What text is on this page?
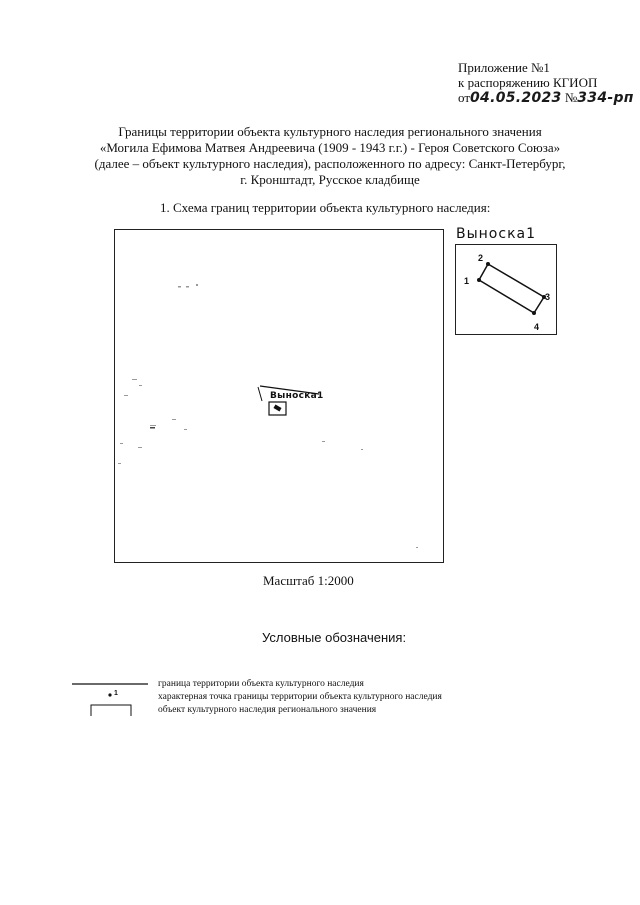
Приложение №1
к распоряжению КГИОП
от04.05.2023 №334-рп
Границы территории объекта культурного наследия регионального значения
«Могила Ефимова Матвея Андреевича (1909 - 1943 г.г.) - Героя Советского Союза»
(далее – объект культурного наследия), расположенного по адресу: Санкт-Петербург,
г. Кронштадт, Русское кладбище
1. Схема границ территории объекта культурного наследия:
Выноска1
Выноска1
1
2
3
4
Масштаб 1:2000
Условные обозначения:
1
граница территории объекта культурного наследия
характерная точка границы территории объекта культурного наследия
объект культурного наследия регионального значения
